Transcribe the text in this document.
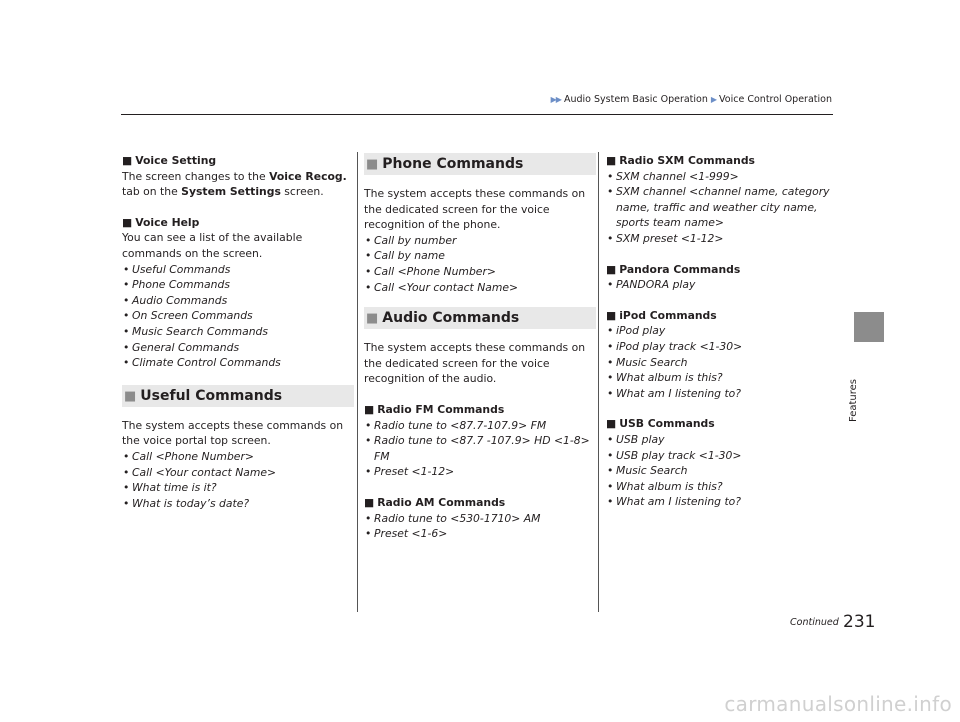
▶▶ Audio System Basic Operation ▶ Voice Control Operation
Features

■ Voice Setting

The screen changes to the Voice Recog. tab on the System Settings screen.

■ Voice Help

You can see a list of the available commands on the screen.

• Useful Commands
• Phone Commands
• Audio Commands
• On Screen Commands
• Music Search Commands
• General Commands
• Climate Control Commands
■ Useful Commands

The system accepts these commands on the voice portal top screen.

• Call <Phone Number>
• Call <Your contact Name>
• What time is it?
• What is today’s date?
■ Phone Commands

The system accepts these commands on the dedicated screen for the voice recognition of the phone.

• Call by number
• Call by name
• Call <Phone Number>
• Call <Your contact Name>
■ Audio Commands

The system accepts these commands on the dedicated screen for the voice recognition of the audio.

■ Radio FM Commands

• Radio tune to <87.7-107.9> FM
• Radio tune to <87.7 -107.9> HD <1-8> FM
• Preset <1-12>

■ Radio AM Commands

• Radio tune to <530-1710> AM
• Preset <1-6>

■ Radio SXM Commands

• SXM channel <1-999>
• SXM channel <channel name, category name, traffic and weather city name, sports team name>
• SXM preset <1-12>

■ Pandora Commands

• PANDORA play

■ iPod Commands

• iPod play
• iPod play track <1-30>
• Music Search
• What album is this?
• What am I listening to?

■ USB Commands

• USB play
• USB play track <1-30>
• Music Search
• What album is this?
• What am I listening to?
Continued 231
carmanualsonline.info
